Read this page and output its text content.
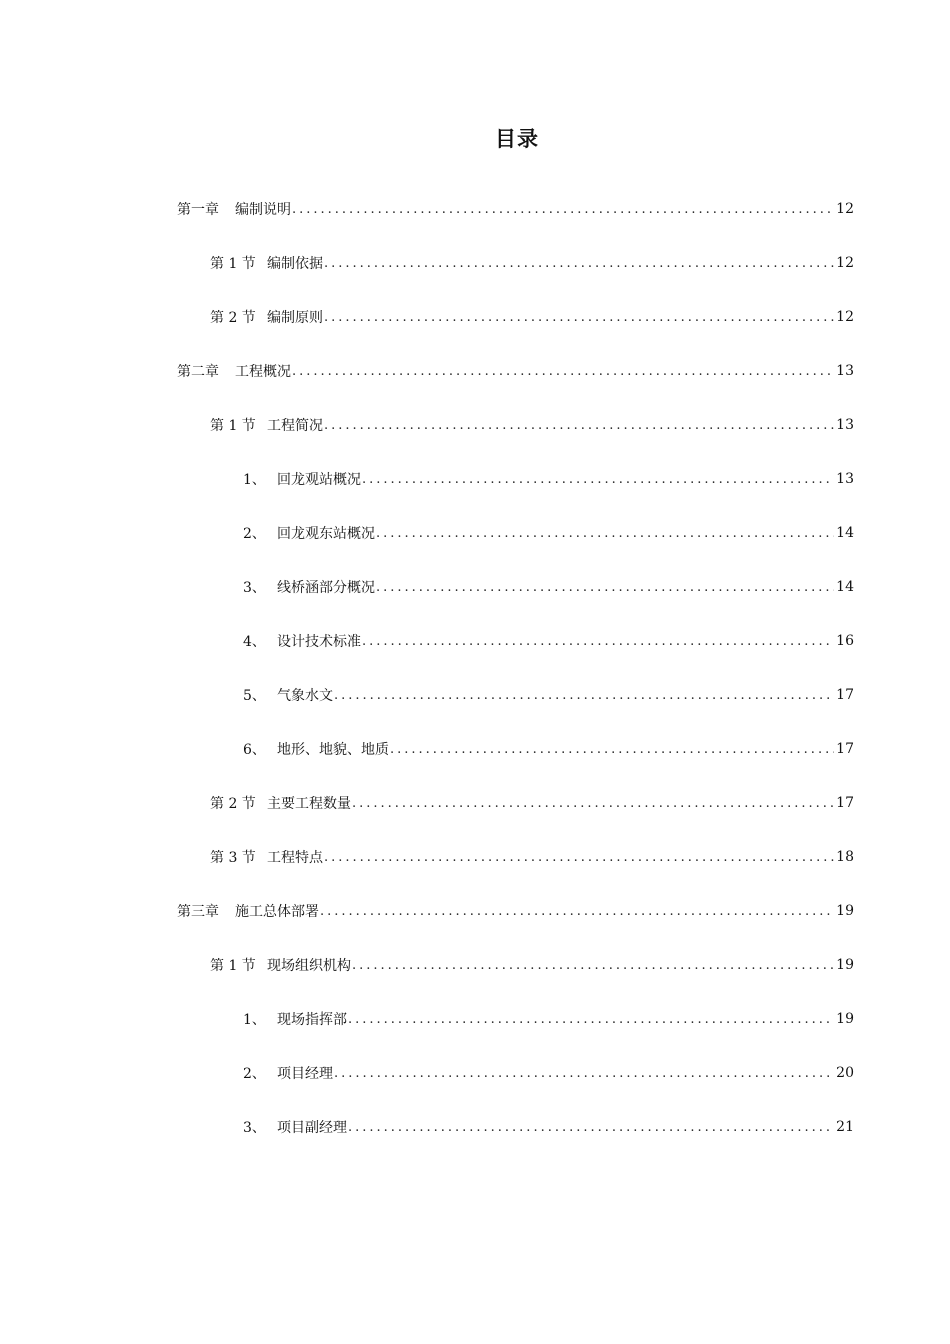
目录
第一章	编制说明 .....	12
第 1 节 编制依据 .....	12
第 2 节 编制原则 .....	12
第二章	工程概况 .....	13
第 1 节 工程简况 .....	13
1、 回龙观站概况 .....	13
2、 回龙观东站概况 .....	14
3、 线桥涵部分概况 .....	14
4、 设计技术标准 .....	16
5、 气象水文 .....	17
6、 地形、地貌、地质 .....	17
第 2 节 主要工程数量 .....	17
第 3 节 工程特点 .....	18
第三章	施工总体部署 .....	19
第 1 节 现场组织机构 .....	19
1、 现场指挥部 .....	19
2、 项目经理 .....	20
3、 项目副经理 .....	21
